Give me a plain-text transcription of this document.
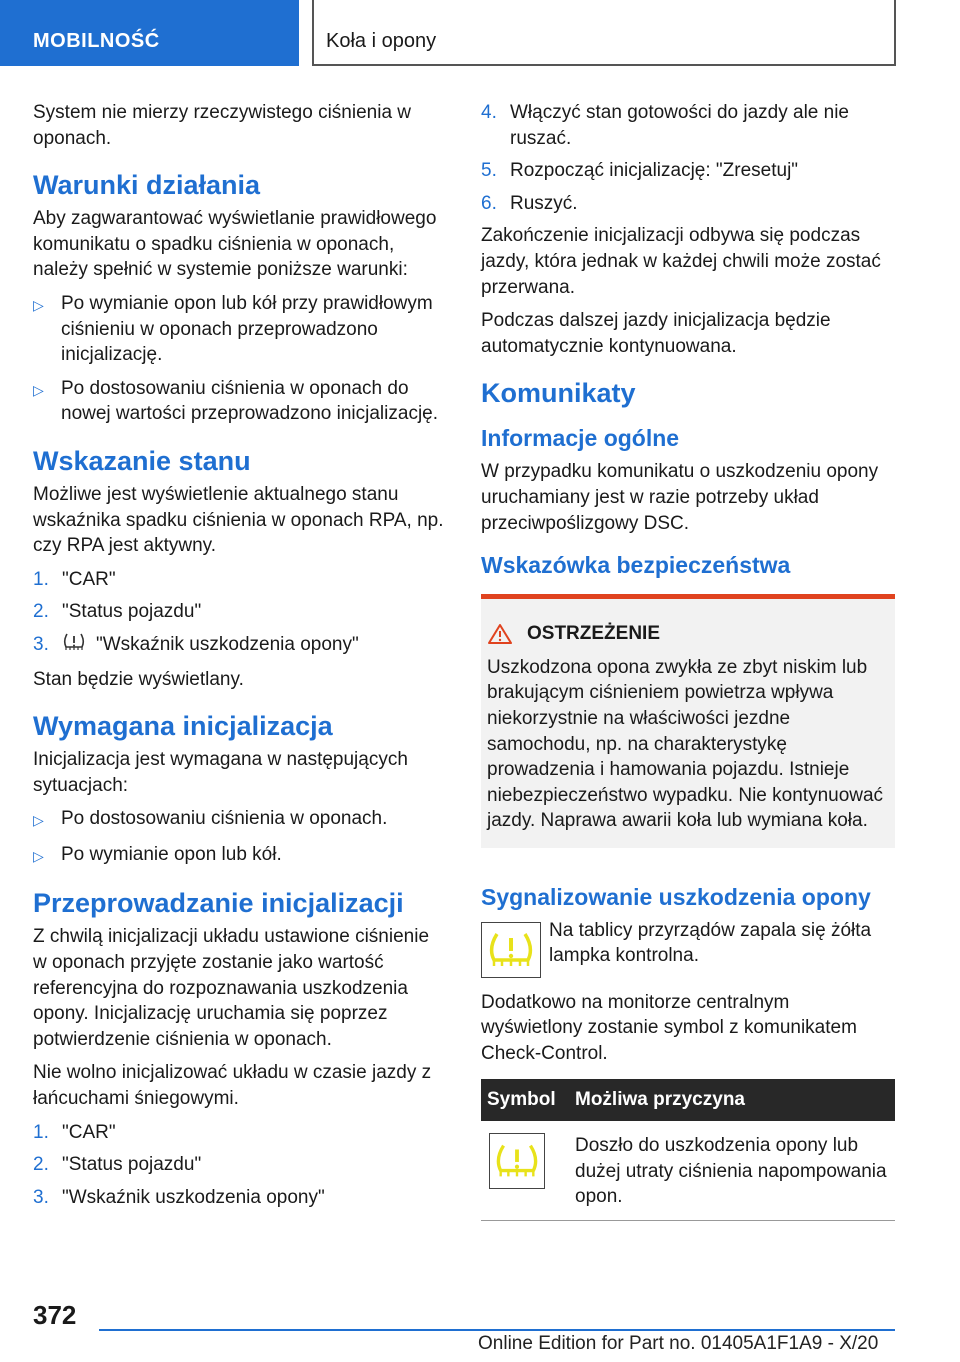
MOBILNOŚĆ	Koła i opony

System nie mierzy rzeczywistego ciśnienia w oponach.

Warunki działania

Aby zagwarantować wyświetlanie prawidłowego komunikatu o spadku ciśnienia w oponach, należy spełnić w systemie poniższe warunki:

▷ Po wymianie opon lub kół przy prawidłowym ciśnieniu w oponach przeprowadzono inicjalizację.
▷ Po dostosowaniu ciśnienia w oponach do nowej wartości przeprowadzono inicjalizację.
Wskazanie stanu

Możliwe jest wyświetlenie aktualnego stanu wskaźnika spadku ciśnienia w oponach RPA, np. czy RPA jest aktywny.

1. "CAR"
2. "Status pojazdu"
3.	"Wskaźnik uszkodzenia opony"

Stan będzie wyświetlany.

Wymagana inicjalizacja

Inicjalizacja jest wymagana w następujących sytuacjach:

▷ Po dostosowaniu ciśnienia w oponach.
▷ Po wymianie opon lub kół.
Przeprowadzanie inicjalizacji

Z chwilą inicjalizacji układu ustawione ciśnienie w oponach przyjęte zostanie jako wartość referencyjna do rozpoznawania uszkodzenia opony. Inicjalizację uruchamia się poprzez potwierdzenie ciśnienia w oponach.

Nie wolno inicjalizować układu w czasie jazdy z łańcuchami śniegowymi.

1. "CAR"
2. "Status pojazdu"
3. "Wskaźnik uszkodzenia opony"
4. Włączyć stan gotowości do jazdy ale nie ruszać.
5. Rozpocząć inicjalizację: "Zresetuj"
6. Ruszyć.

Zakończenie inicjalizacji odbywa się podczas jazdy, która jednak w każdej chwili może zostać przerwana.

Podczas dalszej jazdy inicjalizacja będzie automatycznie kontynuowana.

Komunikaty
Informacje ogólne

W przypadku komunikatu o uszkodzeniu opony uruchamiany jest w razie potrzeby układ przeciwpoślizgowy DSC.

Wskazówka bezpieczeństwa
OSTRZEŻENIE

Uszkodzona opona zwykła ze zbyt niskim lub brakującym ciśnieniem powietrza wpływa niekorzystnie na właściwości jezdne samochodu, np. na charakterystykę prowadzenia i hamowania pojazdu. Istnieje niebezpieczeństwo wypadku. Nie kontynuować jazdy. Naprawa awarii koła lub wymiana koła.

Sygnalizowanie uszkodzenia opony
Na tablicy przyrządów zapala się żółta lampka kontrolna.

Dodatkowo na monitorze centralnym wyświetlony zostanie symbol z komunikatem Check-Control.

Symbol	Możliwa przyczyna

	Doszło do uszkodzenia opony lub dużej utraty ciśnienia napompowania opon.
372
Online Edition for Part no. 01405A1F1A9 - X/20
